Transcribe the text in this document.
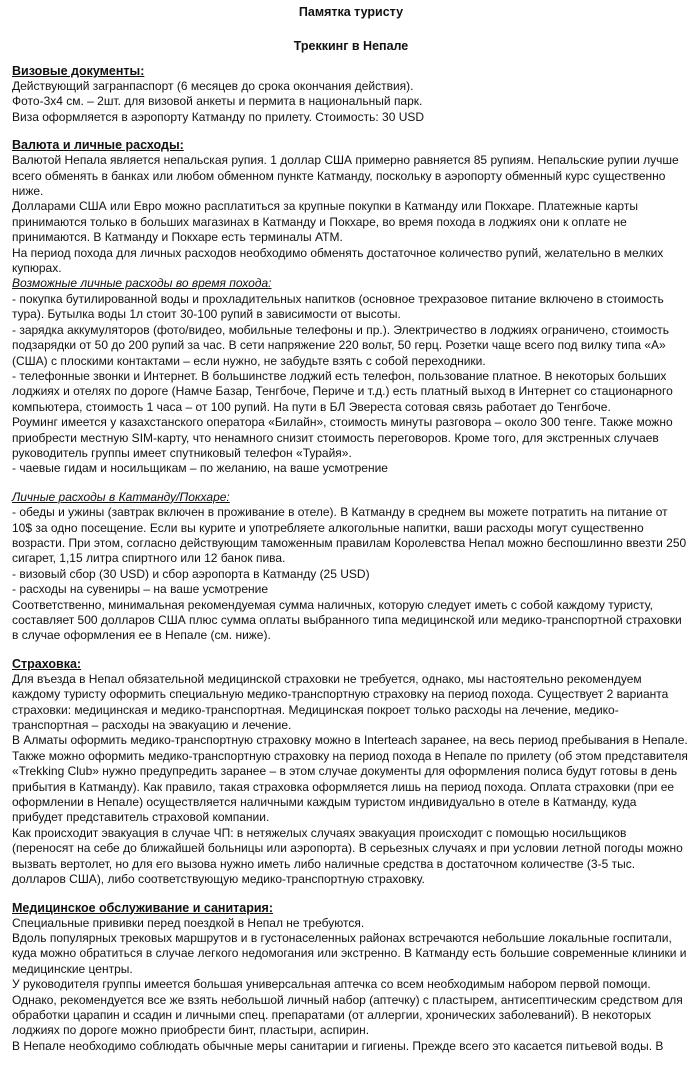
Памятка туристу

Треккинг в Непале

Визовые документы:

Действующий загранпаспорт (6 месяцев до срока окончания действия).

Фото-3х4 см. – 2шт. для визовой анкеты и пермита в национальный парк.

Виза оформляется в аэропорту Катманду по прилету. Стоимость: 30 USD

Валюта и личные расходы:

Валютой Непала является непальская рупия. 1 доллар США примерно равняется 85 рупиям. Непальские рупии лучше всего обменять в банках или любом обменном пункте Катманду, поскольку в аэропорту обменный курс существенно ниже.

Долларами США или Евро можно расплатиться за крупные покупки в Катманду или Покхаре. Платежные карты принимаются только в больших магазинах в Катманду и Покхаре, во время похода в лоджиях они к оплате не принимаются. В Катманду и Покхаре есть терминалы ATM.

На период похода для личных расходов необходимо обменять достаточное количество рупий, желательно в мелких купюрах.

Возможные личные расходы во время похода:

- покупка бутилированной воды и прохладительных напитков (основное трехразовое питание включено в стоимость тура). Бутылка воды 1л стоит 30-100 рупий в зависимости от высоты.

- зарядка аккумуляторов (фото/видео, мобильные телефоны и пр.). Электричество в лоджиях ограничено, стоимость подзарядки от 50 до 200 рупий за час. В сети напряжение 220 вольт, 50 герц. Розетки чаще всего под вилку типа «А» (США) с плоскими контактами – если нужно, не забудьте взять с собой переходники.

- телефонные звонки и Интернет. В большинстве лоджий есть телефон, пользование платное. В некоторых больших лоджиях и отелях по дороге (Намче Базар, Тенгбоче, Периче и т.д.) есть платный выход в Интернет со стационарного компьютера, стоимость 1 часа – от 100 рупий. На пути в БЛ Эвереста сотовая связь работает до Тенгбоче.

Роуминг имеется у казахстанского оператора «Билайн», стоимость минуты разговора – около 300 тенге. Также можно приобрести местную SIM-карту, что ненамного снизит стоимость переговоров. Кроме того, для экстренных случаев руководитель группы имеет спутниковый телефон «Турайя».

- чаевые гидам и носильщикам – по желанию, на ваше усмотрение

Личные расходы в Катманду/Покхаре:

- обеды и ужины (завтрак включен в проживание в отеле). В Катманду в среднем вы можете потратить на питание от 10$ за одно посещение. Если вы курите и употребляете алкогольные напитки, ваши расходы могут существенно возрасти. При этом, согласно действующим таможенным правилам Королевства Непал можно беспошлинно ввезти 250 сигарет, 1,15 литра спиртного или 12 банок пива.

- визовый сбор (30 USD) и сбор аэропорта в Катманду (25 USD)

- расходы на сувениры – на ваше усмотрение

Соответственно, минимальная рекомендуемая сумма наличных, которую следует иметь с собой каждому туристу, составляет 500 долларов США плюс сумма оплаты выбранного типа медицинской или медико-транспортной страховки в случае оформления ее в Непале (см. ниже).

Страховка:

Для въезда в Непал обязательной медицинской страховки не требуется, однако, мы настоятельно рекомендуем каждому туристу оформить специальную медико-транспортную страховку на период похода. Существует 2 варианта страховки: медицинская и медико-транспортная. Медицинская покроет только расходы на лечение, медико-транспортная – расходы на эвакуацию и лечение.

В Алматы оформить медико-транспортную страховку можно в Interteach заранее, на весь период пребывания в Непале. Также можно оформить медико-транспортную страховку на период похода в Непале по прилету (об этом представителя «Trekking Club» нужно предупредить заранее – в этом случае документы для оформления полиса будут готовы в день прибытия в Катманду). Как правило, такая страховка оформляется лишь на период похода. Оплата страховки (при ее оформлении в Непале) осуществляется наличными каждым туристом индивидуально в отеле в Катманду, куда прибудет представитель страховой компании.

Как происходит эвакуация в случае ЧП: в нетяжелых случаях эвакуация происходит с помощью носильщиков (переносят на себе до ближайшей больницы или аэропорта). В серьезных случаях и при условии летной погоды можно вызвать вертолет, но для его вызова нужно иметь либо наличные средства в достаточном количестве (3-5 тыс. долларов США), либо соответствующую медико-транспортную страховку.

Медицинское обслуживание и санитария:

Специальные прививки перед поездкой в Непал не требуются.

Вдоль популярных трековых маршрутов и в густонаселенных районах встречаются небольшие локальные госпитали, куда можно обратиться в случае легкого недомогания или экстренно. В Катманду есть большие современные клиники и медицинские центры.

У руководителя группы имеется большая универсальная аптечка со всем необходимым набором первой помощи.

Однако, рекомендуется все же взять небольшой личный набор (аптечку) с пластырем, антисептическим средством для обработки царапин и ссадин и личными спец. препаратами (от аллергии, хронических заболеваний). В некоторых лоджиях по дороге можно приобрести бинт, пластыри, аспирин.

В Непале необходимо соблюдать обычные меры санитарии и гигиены. Прежде всего это касается питьевой воды. В
